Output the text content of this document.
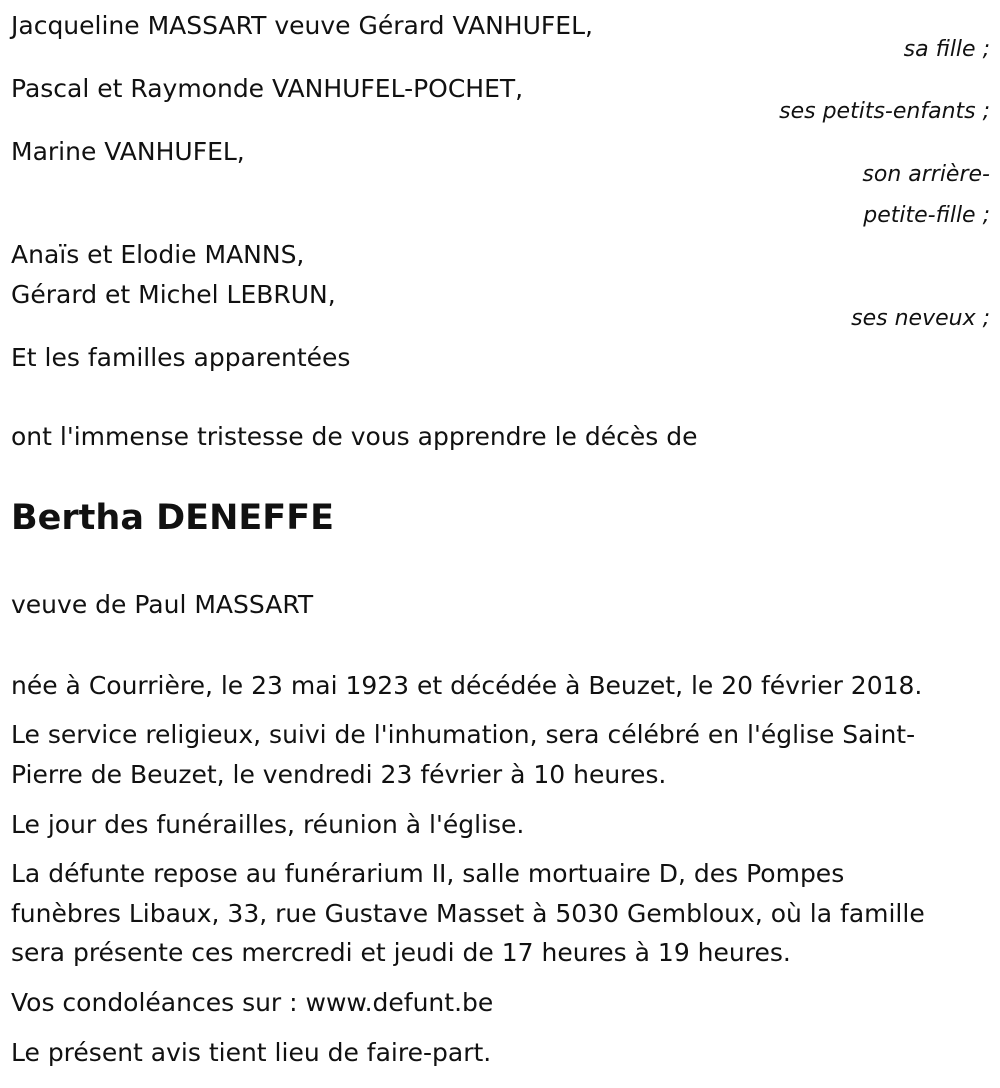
Jacqueline MASSART veuve Gérard VANHUFEL,

sa fille ;

Pascal et Raymonde VANHUFEL-POCHET,

ses petits-enfants ;

Marine VANHUFEL,

son arrière-

petite-fille ;

Anaïs et Elodie MANNS,

Gérard et Michel LEBRUN,

ses neveux ;

Et les familles apparentées

ont l'immense tristesse de vous apprendre le décès de

Bertha DENEFFE

veuve de Paul MASSART

née à Courrière, le 23 mai 1923 et décédée à Beuzet, le 20 février 2018.

Le service religieux, suivi de l'inhumation, sera célébré en l'église Saint-

Pierre de Beuzet, le vendredi 23 février à 10 heures.

Le jour des funérailles, réunion à l'église.

La défunte repose au funérarium II, salle mortuaire D, des Pompes

funèbres Libaux, 33, rue Gustave Masset à 5030 Gembloux, où la famille

sera présente ces mercredi et jeudi de 17 heures à 19 heures.

Vos condoléances sur : www.defunt.be

Le présent avis tient lieu de faire-part.
